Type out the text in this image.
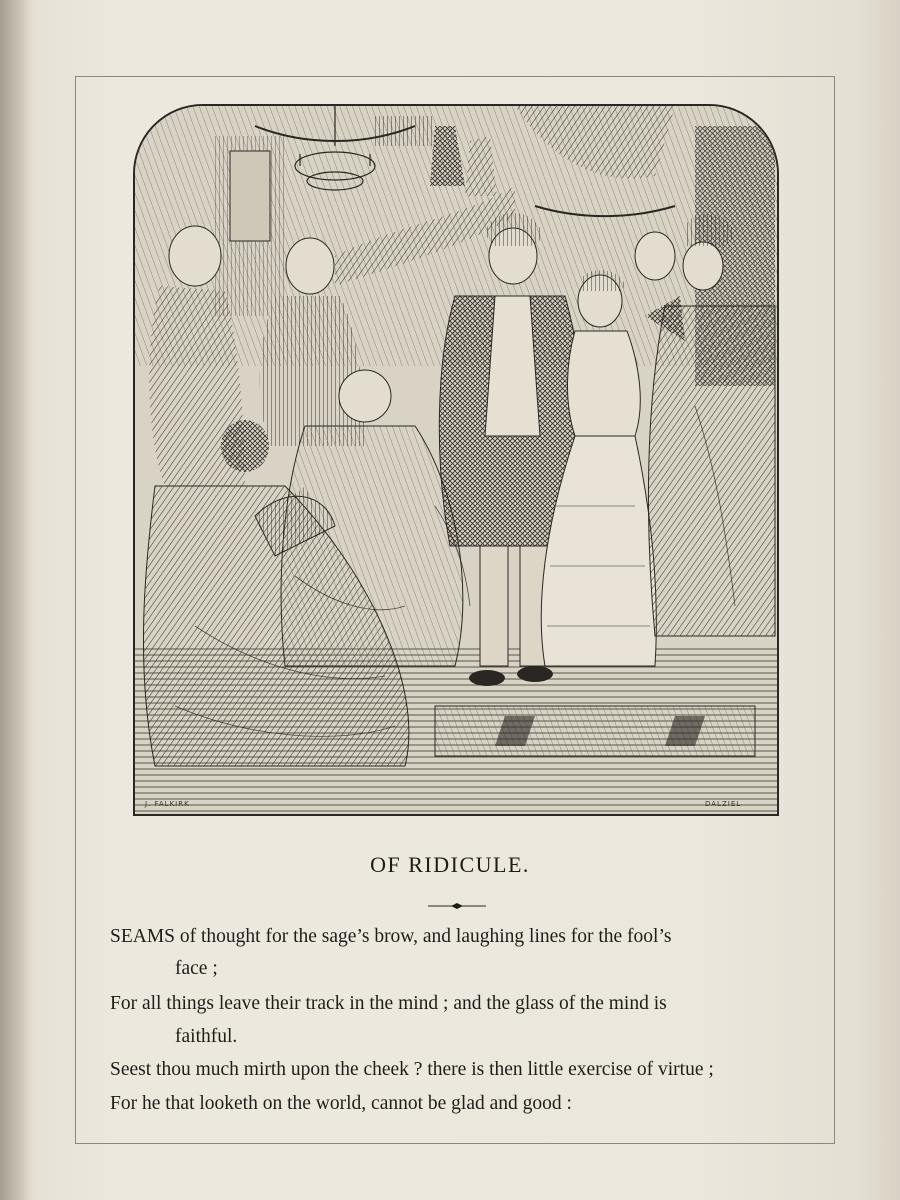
J. FALKIRK	DALZIEL
OF RIDICULE.

SEAMS of thought for the sage’s brow, and laughing lines for the fool’s

face ;

For all things leave their track in the mind ; and the glass of the mind is

faithful.

Seest thou much mirth upon the cheek ? there is then little exercise of virtue ;

For he that looketh on the world, cannot be glad and good :
